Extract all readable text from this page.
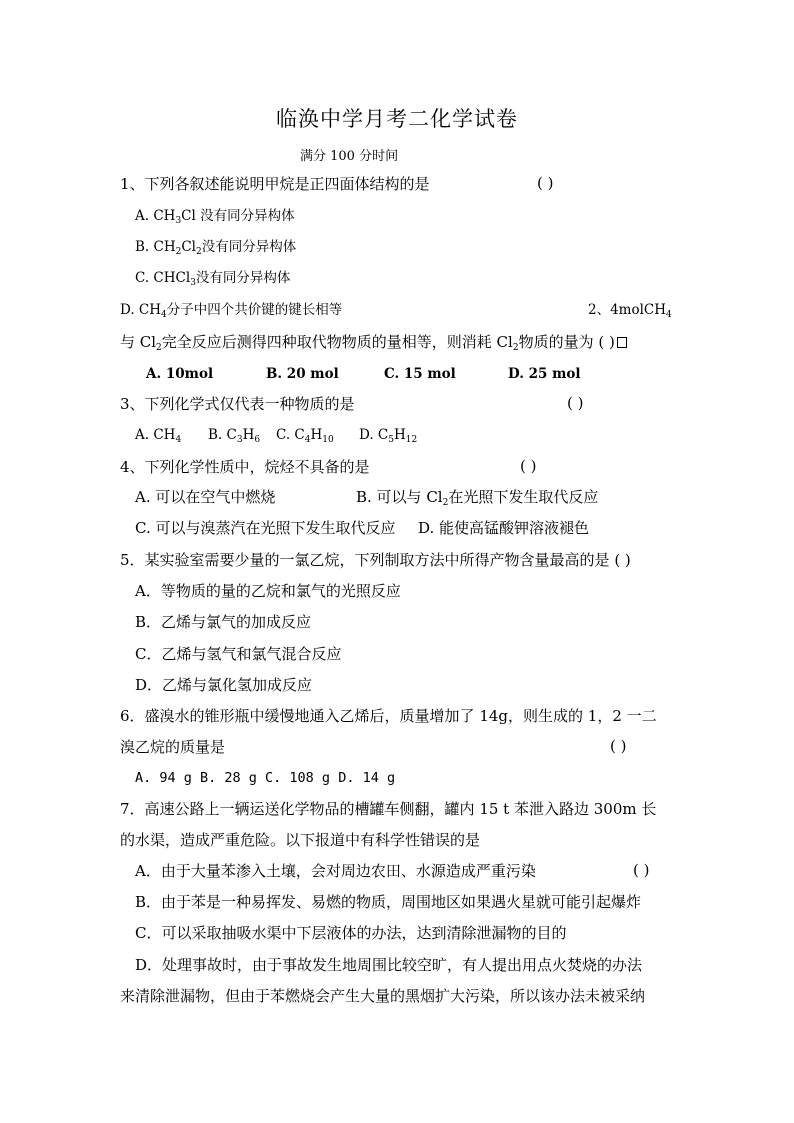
临涣中学月考二化学试卷
满分 100 分时间
1、下列各叙述能说明甲烷是正四面体结构的是	( )
A. $CH_3Cl$ 没有同分异构体
B. $CH_2Cl_2$没有同分异构体
C. CHCl$_3$没有同分异构体
D. $CH_4$分子中四个共价键的键长相等	2、4molCH$_4$
与 $Cl_2$完全反应后测得四种取代物物质的量相等，则消耗 $Cl_2$物质的量为 ( )
A. 10mol	B. 20 mol	C. 15 mol	D. 25 mol
3、下列化学式仅代表一种物质的是	( )
A. $CH_4$ B. $C_3H_6$ C. $C_4H_{10}$ D. $C_5H_{12}$
4、下列化学性质中，烷烃不具备的是	( )
A. 可以在空气中燃烧	B. 可以与 $Cl_2$在光照下发生取代反应
C. 可以与溴蒸汽在光照下发生取代反应 D. 能使高锰酸钾溶液褪色
5．某实验室需要少量的一氯乙烷，下列制取方法中所得产物含量最高的是 ( )
A．等物质的量的乙烷和氯气的光照反应
B．乙烯与氯气的加成反应
C．乙烯与氢气和氯气混合反应
D．乙烯与氯化氢加成反应
6．盛溴水的锥形瓶中缓慢地通入乙烯后，质量增加了 14g，则生成的 1，2 一二
溴乙烷的质量是	( )
A. 94 g B. 28 g C. 108 g D. 14 g
7．高速公路上一辆运送化学物品的槽罐车侧翻，罐内 15 t 苯泄入路边 300m 长
的水渠，造成严重危险。以下报道中有科学性错误的是
A．由于大量苯渗入土壤，会对周边农田、水源造成严重污染	( )
B．由于苯是一种易挥发、易燃的物质，周围地区如果遇火星就可能引起爆炸
C．可以采取抽吸水渠中下层液体的办法，达到清除泄漏物的目的
D．处理事故时，由于事故发生地周围比较空旷，有人提出用点火焚烧的办法
来清除泄漏物，但由于苯燃烧会产生大量的黑烟扩大污染，所以该办法未被采纳
